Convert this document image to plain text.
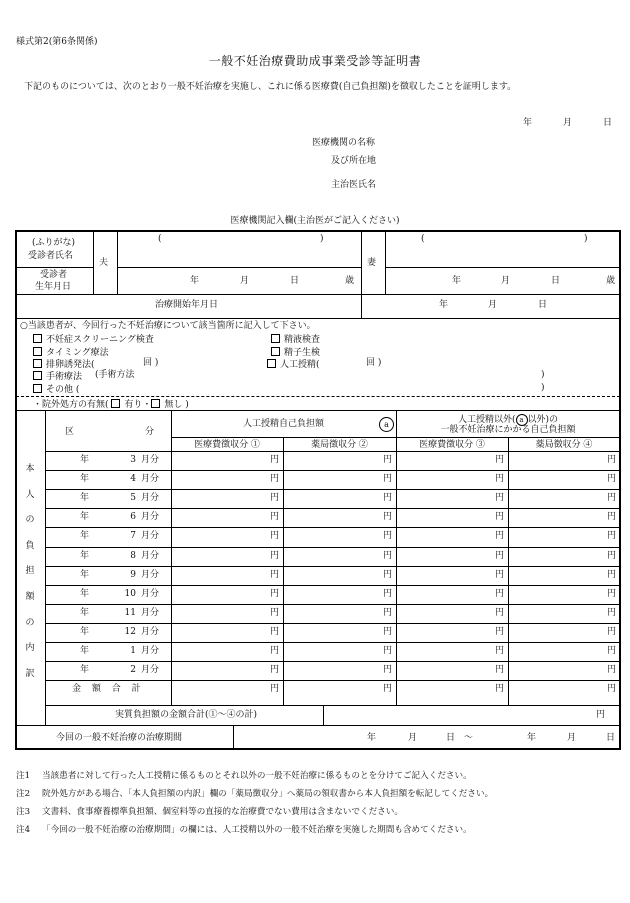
様式第2(第6条関係)
一般不妊治療費助成事業受診等証明書
下記のものについては、次のとおり一般不妊治療を実施し、これに係る医療費(自己負担額)を徴収したことを証明します。
年	月	日
医療機関の名称
及び所在地
主治医氏名
医療機関記入欄(主治医がご記入ください)
(ふりがな)
受診者氏名
夫	妻
(	)	(	)
受診者
生年月日
年	月	日	歳	年	月	日	歳
治療開始年月日	年	月	日
○当該患者が、今回行った不妊治療について該当箇所に記入して下さい。
不妊症スクリーニング検査	精液検査
タイミング療法	精子生検
排卵誘発法(	回 )	人工授精(	回 )
手術療法 (手術方法	)
その他 (	)
・院外処方の有無( 有り・ 無し )
本
人
の
負
担
額
の
内
訳
区	分
人工授精自己負担額	a	人工授精以外( a 以外)の
一般不妊治療にかかる自己負担額
医療費徴収分 ①	薬局徴収分 ②	医療費徴収分 ③	薬局徴収分 ④
年	3 月分	円	円	円	円
年	4 月分	円	円	円	円
年	5 月分	円	円	円	円
年	6 月分	円	円	円	円
年	7 月分	円	円	円	円
年	8 月分	円	円	円	円
年	9 月分	円	円	円	円
年	10 月分	円	円	円	円
年	11 月分	円	円	円	円
年	12 月分	円	円	円	円
年	1 月分	円	円	円	円
年	2 月分	円	円	円	円
金 額 合 計	円	円	円	円
実質負担額の金額合計(①～④の計)	円
今回の一般不妊治療の治療期間	年	月	日 ～	年	月	日
注1 当該患者に対して行った人工授精に係るものとそれ以外の一般不妊治療に係るものとを分けてご記入ください。
注2 院外処方がある場合、「本人負担額の内訳」欄の「薬局徴収分」へ薬局の領収書から本人負担額を転記してください。
注3 文書料、食事療養標準負担額、個室料等の直接的な治療費でない費用は含まないでください。
注4 「今回の一般不妊治療の治療期間」の欄には、人工授精以外の一般不妊治療を実施した期間も含めてください。
